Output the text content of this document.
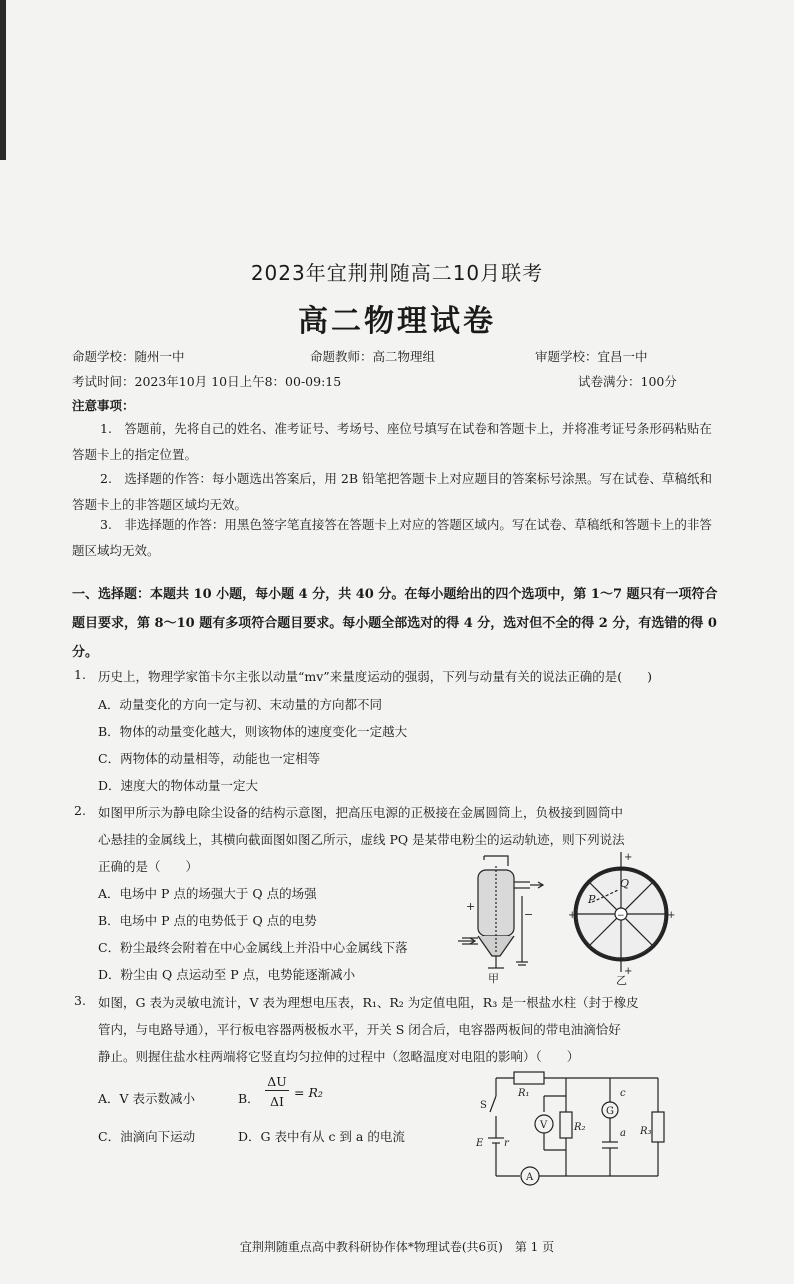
2023年宜荆荆随高二10月联考
高二物理试卷
命题学校：随州一中	命题教师：高二物理组	审题学校：宜昌一中
考试时间：2023年10月 10日上午8：00-09:15	试卷满分：100分
注意事项：
1.　答题前，先将自己的姓名、准考证号、考场号、座位号填写在试卷和答题卡上，并将准考证号条形码粘贴在答题卡上的指定位置。
2.　选择题的作答：每小题选出答案后，用 2B 铅笔把答题卡上对应题目的答案标号涂黑。写在试卷、草稿纸和答题卡上的非答题区域均无效。
3.　非选择题的作答：用黑色签字笔直接答在答题卡上对应的答题区域内。写在试卷、草稿纸和答题卡上的非答题区域均无效。
一、选择题：本题共 10 小题，每小题 4 分，共 40 分。在每小题给出的四个选项中，第 1～7 题只有一项符合题目要求，第 8～10 题有多项符合题目要求。每小题全部选对的得 4 分，选对但不全的得 2 分，有选错的得 0 分。
1. 历史上，物理学家笛卡尔主张以动量“mv”来量度运动的强弱，下列与动量有关的说法正确的是(　　)
A．动量变化的方向一定与初、末动量的方向都不同
B．物体的动量变化越大，则该物体的速度变化一定越大
C．两物体的动量相等，动能也一定相等
D．速度大的物体动量一定大
2. 如图甲所示为静电除尘设备的结构示意图，把高压电源的正极接在金属圆筒上，负极接到圆筒中
心悬挂的金属线上，其横向截面图如图乙所示，虚线 PQ 是某带电粉尘的运动轨迹，则下列说法
正确的是（　　）
A．电场中 P 点的场强大于 Q 点的场强
B．电场中 P 点的电势低于 Q 点的电势
C．粉尘最终会附着在中心金属线上并沿中心金属线下落
D．粉尘由 Q 点运动至 P 点，电势能逐渐减小
+
−
甲
+
+
+	+
−
P
Q
乙
3. 如图，G 表为灵敏电流计，V 表为理想电压表，R₁、R₂ 为定值电阻，R₃ 是一根盐水柱（封于橡皮
管内，与电路导通），平行板电容器两极板水平，开关 S 闭合后，电容器两板间的带电油滴恰好
静止。则握住盐水柱两端将它竖直均匀拉伸的过程中（忽略温度对电阻的影响）（　　）
A．V 表示数减小	B．
ΔU
ΔI
= R₂
C．油滴向下运动	D．G 表中有从 c 到 a 的电流
R₁
R₂	R₃
S
E r
V
G
A
c
a
宜荆荆随重点高中教科研协作体*物理试卷(共6页)　第 1 页
